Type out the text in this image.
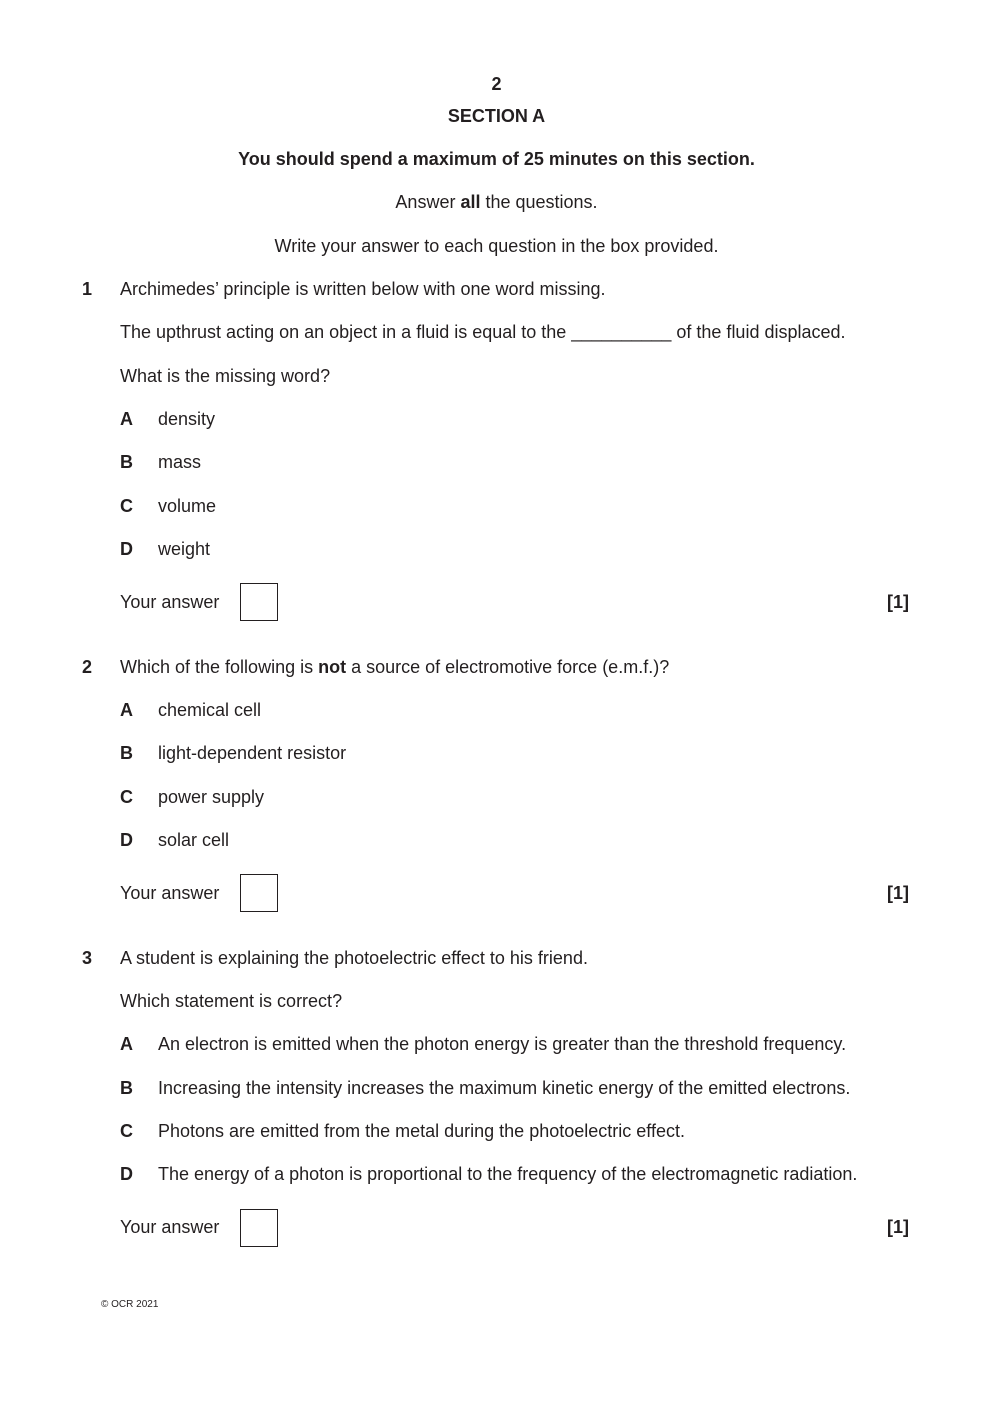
2
SECTION A
You should spend a maximum of 25 minutes on this section.
Answer all the questions.
Write your answer to each question in the box provided.
1 Archimedes’ principle is written below with one word missing.
The upthrust acting on an object in a fluid is equal to the __________ of the fluid displaced.
What is the missing word?
A density
B mass
C volume
D weight
Your answer	[1]
2 Which of the following is not a source of electromotive force (e.m.f.)?
A chemical cell
B light-dependent resistor
C power supply
D solar cell
Your answer	[1]
3 A student is explaining the photoelectric effect to his friend.
Which statement is correct?
A An electron is emitted when the photon energy is greater than the threshold frequency.
B Increasing the intensity increases the maximum kinetic energy of the emitted electrons.
C Photons are emitted from the metal during the photoelectric effect.
D The energy of a photon is proportional to the frequency of the electromagnetic radiation.
Your answer	[1]
© OCR 2021
